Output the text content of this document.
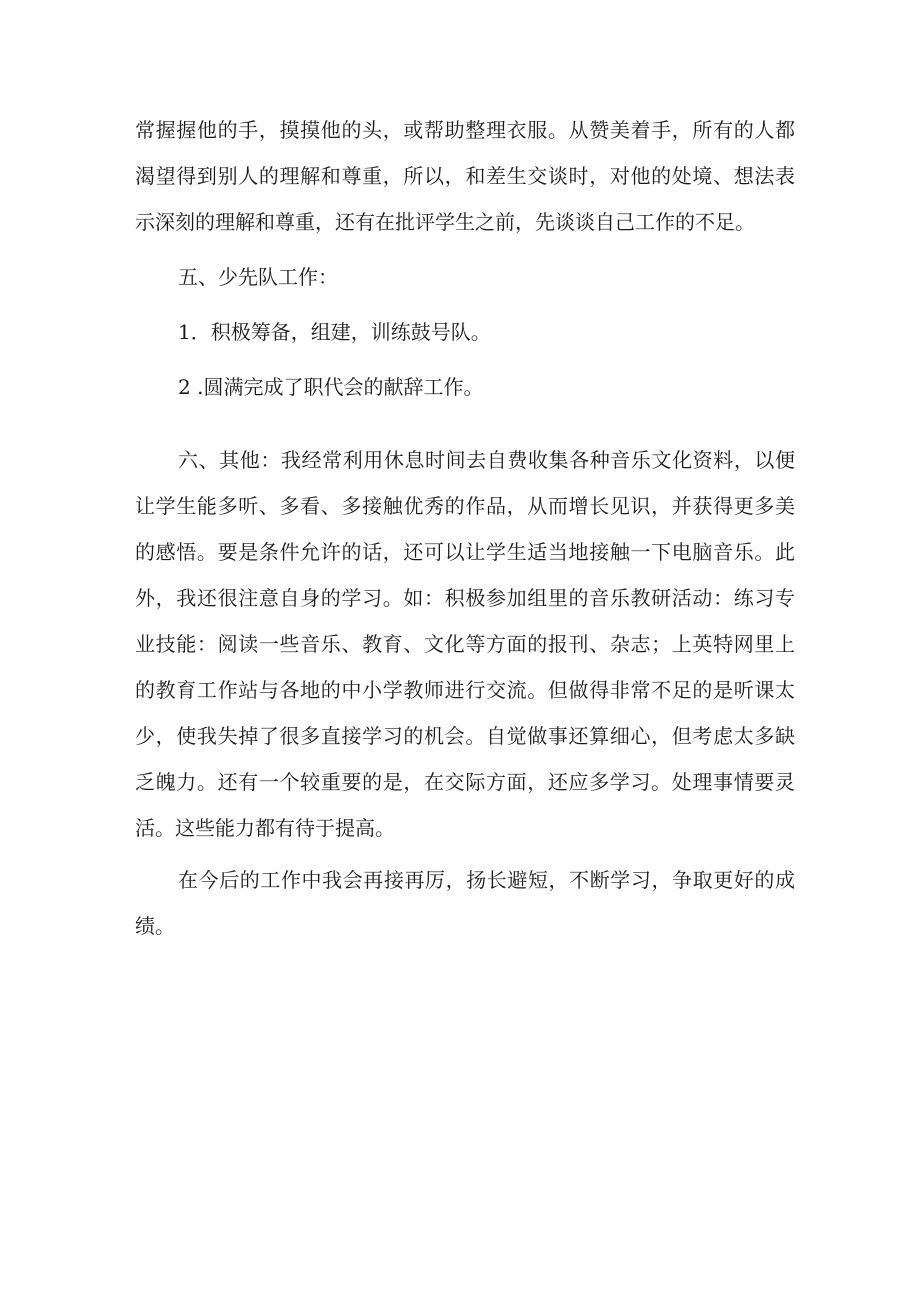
常握握他的手，摸摸他的头，或帮助整理衣服。从赞美着手，所有的人都
渴望得到别人的理解和尊重，所以，和差生交谈时，对他的处境、想法表
示深刻的理解和尊重，还有在批评学生之前，先谈谈自己工作的不足。
五、少先队工作：
1．积极筹备，组建，训练鼓号队。
2 .圆满完成了职代会的献辞工作。
六、其他：我经常利用休息时间去自费收集各种音乐文化资料，以便
让学生能多听、多看、多接触优秀的作品，从而增长见识，并获得更多美
的感悟。要是条件允许的话，还可以让学生适当地接触一下电脑音乐。此
外，我还很注意自身的学习。如：积极参加组里的音乐教研活动：练习专
业技能：阅读一些音乐、教育、文化等方面的报刊、杂志；上英特网里上
的教育工作站与各地的中小学教师进行交流。但做得非常不足的是听课太
少，使我失掉了很多直接学习的机会。自觉做事还算细心，但考虑太多缺
乏魄力。还有一个较重要的是，在交际方面，还应多学习。处理事情要灵
活。这些能力都有待于提高。
在今后的工作中我会再接再厉，扬长避短，不断学习，争取更好的成
绩。
